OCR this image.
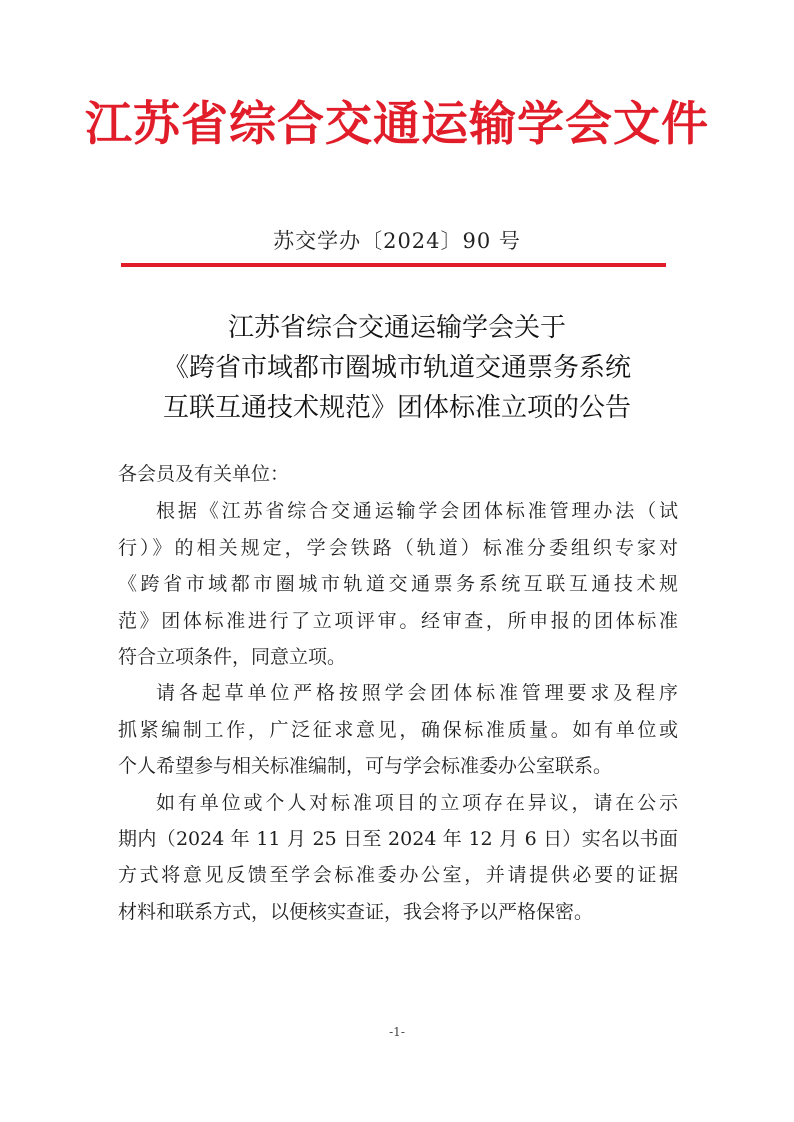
江苏省综合交通运输学会文件
苏交学办〔2024〕90 号
江苏省综合交通运输学会关于
《跨省市域都市圈城市轨道交通票务系统
互联互通技术规范》团体标准立项的公告

各会员及有关单位：

根据《江苏省综合交通运输学会团体标准管理办法（试
行）》的相关规定，学会铁路（轨道）标准分委组织专家对
《跨省市域都市圈城市轨道交通票务系统互联互通技术规
范》团体标准进行了立项评审。经审查，所申报的团体标准
符合立项条件，同意立项。

请各起草单位严格按照学会团体标准管理要求及程序
抓紧编制工作，广泛征求意见，确保标准质量。如有单位或
个人希望参与相关标准编制，可与学会标准委办公室联系。

如有单位或个人对标准项目的立项存在异议，请在公示
期内（2024 年 11 月 25 日至 2024 年 12 月 6 日）实名以书面
方式将意见反馈至学会标准委办公室，并请提供必要的证据
材料和联系方式，以便核实查证，我会将予以严格保密。

-1-
